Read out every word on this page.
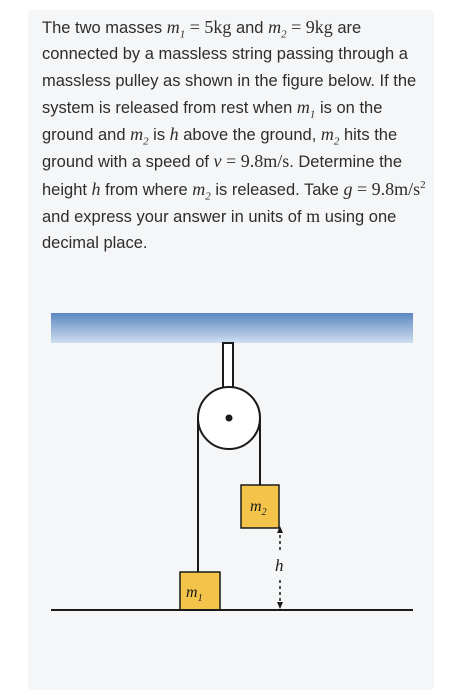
The two masses $m_1 = 5kg$ and $m_2 = 9kg$ are connected by a massless string passing through a massless pulley as shown in the figure below. If the system is released from rest when $m_1$ is on the ground and $m_2$ is h above the ground, $m_2$ hits the ground with a speed of v = 9.8m/s. Determine the height h from where $m_2$ is released. Take $g = 9.8m/s^2$ and express your answer in units of m using one decimal place.

$m_2$
$m_1$
h
